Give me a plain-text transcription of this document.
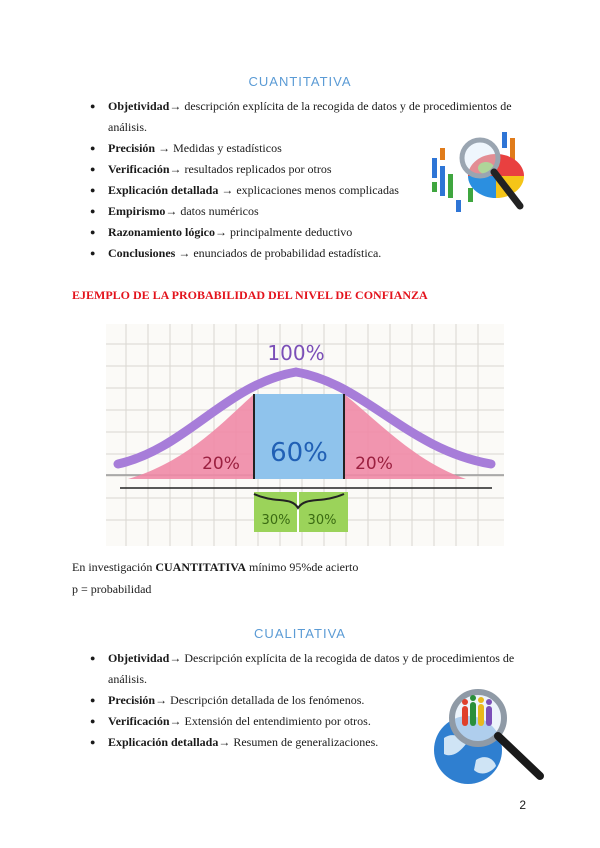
CUANTITATIVA
● Objetividad→ descripción explícita de la recogida de datos y de procedimientos de análisis.
● Precisión → Medidas y estadísticos
● Verificación→ resultados replicados por otros
● Explicación detallada → explicaciones menos complicadas
● Empirismo→ datos numéricos
● Razonamiento lógico→ principalmente deductivo
● Conclusiones → enunciados de probabilidad estadística.
EJEMPLO DE LA PROBABILIDAD DEL NIVEL DE CONFIANZA
100%
60%
20%	20%
30% 30%
En investigación CUANTITATIVA mínimo 95%de acierto
p = probabilidad
CUALITATIVA
● Objetividad→ Descripción explícita de la recogida de datos y de procedimientos de análisis.
● Precisión→ Descripción detallada de los fenómenos.
● Verificación→ Extensión del entendimiento por otros.
● Explicación detallada→ Resumen de generalizaciones.
2
